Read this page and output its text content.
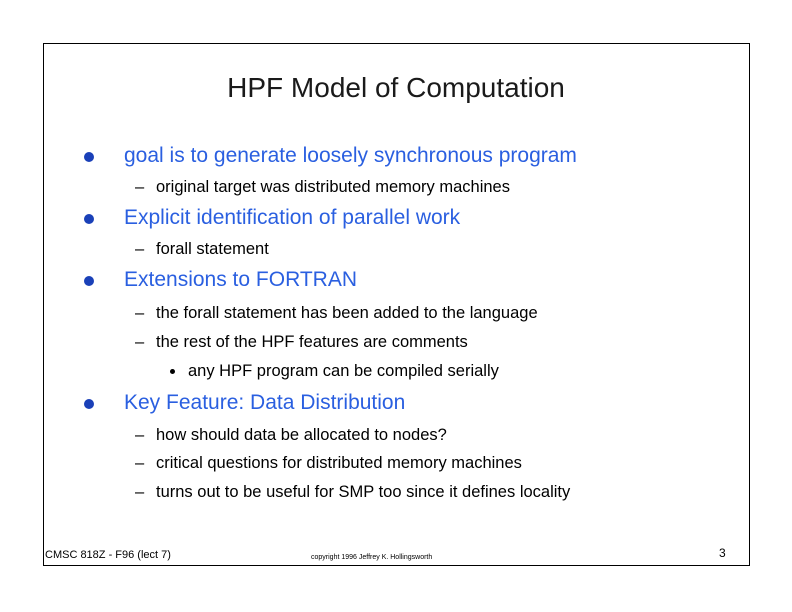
HPF Model of Computation
goal is to generate loosely synchronous program
– original target was distributed memory machines
Explicit identification of parallel work
– forall statement
Extensions to FORTRAN
– the forall statement has been added to the language
– the rest of the HPF features are comments
any HPF program can be compiled serially
Key Feature: Data Distribution
– how should data be allocated to nodes?
– critical questions for distributed memory machines
– turns out to be useful for SMP too since it defines locality
CMSC 818Z - F96 (lect 7)	copyright 1996 Jeffrey K. Hollingsworth	3
